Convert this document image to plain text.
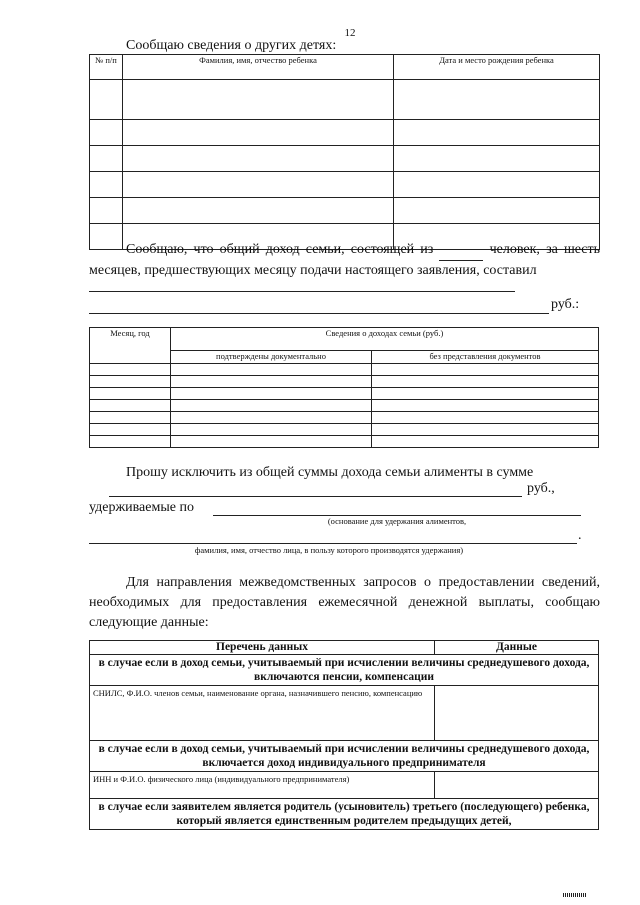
12
Сообщаю сведения о других детях:
№ п/п	Фамилия, имя, отчество ребенка	Дата и место рождения ребенка

Сообщаю, что общий доход семьи, состоящей из	человек, за шесть месяцев, предшествующих месяцу подачи настоящего заявления, составил
руб.:
Месяц, год	Сведения о доходах семьи (руб.)	
	подтверждены документально	без представления документов

Прошу исключить из общей суммы дохода семьи алименты в сумме
руб.,
удерживаемые по
(основание для удержания алиментов,
.
фамилия, имя, отчество лица, в пользу которого производятся удержания)
Для направления межведомственных запросов о предоставлении сведений, необходимых для предоставления ежемесячной денежной выплаты, сообщаю следующие данные:
Перечень данных	Данные
в случае если в доход семьи, учитываемый при исчислении величины среднедушевого дохода, включаются пенсии, компенсации	
СНИЛС, Ф.И.О. членов семьи, наименование органа, назначившего пенсию, компенсацию	
в случае если в доход семьи, учитываемый при исчислении величины среднедушевого дохода, включается доход индивидуального предпринимателя	
ИНН и Ф.И.О. физического лица (индивидуального предпринимателя)	
в случае если заявителем является родитель (усыновитель) третьего (последующего) ребенка, который является единственным родителем предыдущих детей,	
